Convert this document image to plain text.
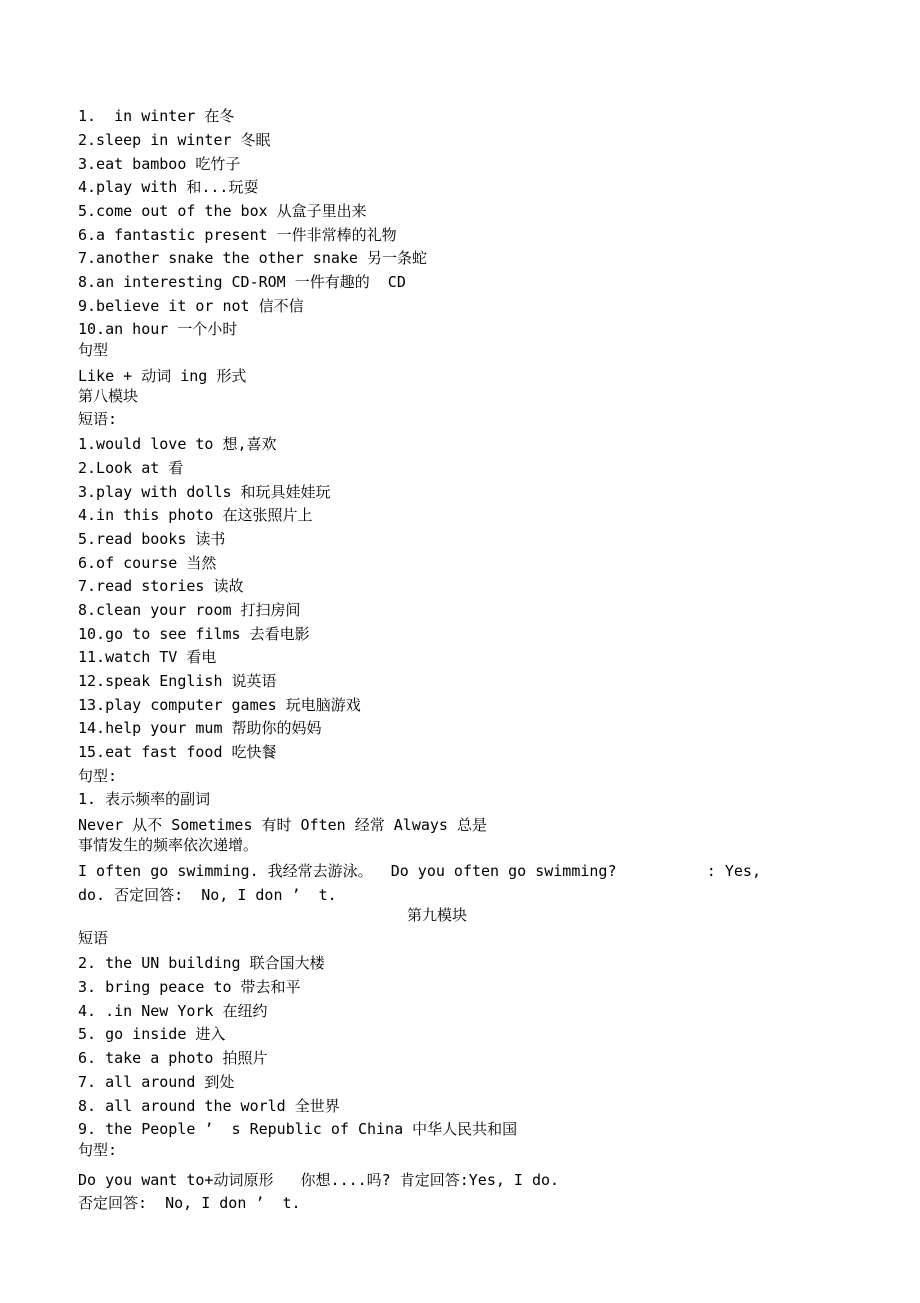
1.  in winter 在冬
2.sleep in winter 冬眠
3.eat bamboo 吃竹子
4.play with 和...玩耍
5.come out of the box 从盒子里出来
6.a fantastic present 一件非常棒的礼物
7.another snake the other snake 另一条蛇
8.an interesting CD-ROM 一件有趣的  CD
9.believe it or not 信不信
10.an hour 一个小时
句型
Like + 动词 ing 形式
第八模块
短语:
1.would love to 想,喜欢
2.Look at 看
3.play with dolls 和玩具娃娃玩
4.in this photo 在这张照片上
5.read books 读书
6.of course 当然
7.read stories 读故
8.clean your room 打扫房间
10.go to see films 去看电影
11.watch TV 看电
12.speak English 说英语
13.play computer games 玩电脑游戏
14.help your mum 帮助你的妈妈
15.eat fast food 吃快餐
句型:
1. 表示频率的副词
Never 从不 Sometimes 有时 Often 经常 Always 总是
事情发生的频率依次递增。
I often go swimming. 我经常去游泳。  Do you often go swimming?          : Yes,
do. 否定回答:  No, I don ’  t.
第九模块
短语
2. the UN building 联合国大楼
3. bring peace to 带去和平
4. .in New York 在纽约
5. go inside 进入
6. take a photo 拍照片
7. all around 到处
8. all around the world 全世界
9. the People ’  s Republic of China 中华人民共和国
句型:
Do you want to+动词原形   你想....吗? 肯定回答:Yes, I do.
否定回答:  No, I don ’  t.
